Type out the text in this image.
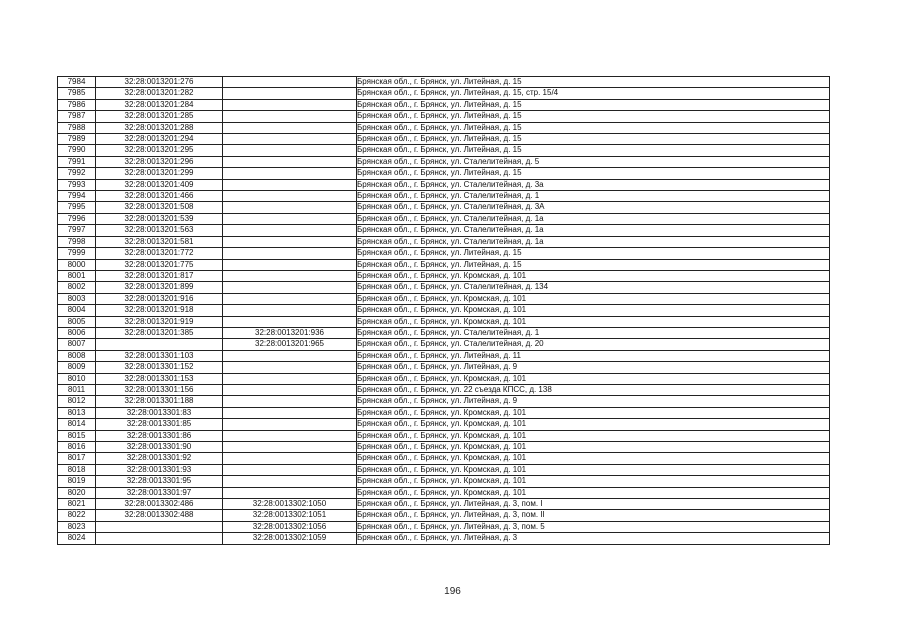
7984	32:28:0013201:276		Брянская обл., г. Брянск, ул. Литейная, д. 15
7985	32:28:0013201:282		Брянская обл., г. Брянск, ул. Литейная, д. 15, стр. 15/4
7986	32:28:0013201:284		Брянская обл., г. Брянск, ул. Литейная, д. 15
7987	32:28:0013201:285		Брянская обл., г. Брянск, ул. Литейная, д. 15
7988	32:28:0013201:288		Брянская обл., г. Брянск, ул. Литейная, д. 15
7989	32:28:0013201:294		Брянская обл., г. Брянск, ул. Литейная, д. 15
7990	32:28:0013201:295		Брянская обл., г. Брянск, ул. Литейная, д. 15
7991	32:28:0013201:296		Брянская обл., г. Брянск, ул. Сталелитейная, д. 5
7992	32:28:0013201:299		Брянская обл., г. Брянск, ул. Литейная, д. 15
7993	32:28:0013201:409		Брянская обл., г. Брянск, ул. Сталелитейная, д. 3а
7994	32:28:0013201:466		Брянская обл., г. Брянск, ул. Сталелитейная, д. 1
7995	32:28:0013201:508		Брянская обл., г. Брянск, ул. Сталелитейная, д. 3А
7996	32:28:0013201:539		Брянская обл., г. Брянск, ул. Сталелитейная, д. 1а
7997	32:28:0013201:563		Брянская обл., г. Брянск, ул. Сталелитейная, д. 1а
7998	32:28:0013201:581		Брянская обл., г. Брянск, ул. Сталелитейная, д. 1а
7999	32:28:0013201:772		Брянская обл., г. Брянск, ул. Литейная, д. 15
8000	32:28:0013201:775		Брянская обл., г. Брянск, ул. Литейная, д. 15
8001	32:28:0013201:817		Брянская обл., г. Брянск, ул. Кромская, д. 101
8002	32:28:0013201:899		Брянская обл., г. Брянск, ул. Сталелитейная, д. 134
8003	32:28:0013201:916		Брянская обл., г. Брянск, ул. Кромская, д. 101
8004	32:28:0013201:918		Брянская обл., г. Брянск, ул. Кромская, д. 101
8005	32:28:0013201:919		Брянская обл., г. Брянск, ул. Кромская, д. 101
8006	32:28:0013201:385	32:28:0013201:936	Брянская обл., г. Брянск, ул. Сталелитейная, д. 1
8007		32:28:0013201:965	Брянская обл., г. Брянск, ул. Сталелитейная, д. 20
8008	32:28:0013301:103		Брянская обл., г. Брянск, ул. Литейная, д. 11
8009	32:28:0013301:152		Брянская обл., г. Брянск, ул. Литейная, д. 9
8010	32:28:0013301:153		Брянская обл., г. Брянск, ул. Кромская, д. 101
8011	32:28:0013301:156		Брянская обл., г. Брянск, ул. 22 съезда КПСС, д. 138
8012	32:28:0013301:188		Брянская обл., г. Брянск, ул. Литейная, д. 9
8013	32:28:0013301:83		Брянская обл., г. Брянск, ул. Кромская, д. 101
8014	32:28:0013301:85		Брянская обл., г. Брянск, ул. Кромская, д. 101
8015	32:28:0013301:86		Брянская обл., г. Брянск, ул. Кромская, д. 101
8016	32:28:0013301:90		Брянская обл., г. Брянск, ул. Кромская, д. 101
8017	32:28:0013301:92		Брянская обл., г. Брянск, ул. Кромская, д. 101
8018	32:28:0013301:93		Брянская обл., г. Брянск, ул. Кромская, д. 101
8019	32:28:0013301:95		Брянская обл., г. Брянск, ул. Кромская, д. 101
8020	32:28:0013301:97		Брянская обл., г. Брянск, ул. Кромская, д. 101
8021	32:28:0013302:486	32:28:0013302:1050	Брянская обл., г. Брянск, ул. Литейная, д. 3, пом. I
8022	32:28:0013302:488	32:28:0013302:1051	Брянская обл., г. Брянск, ул. Литейная, д. 3, пом. II
8023		32:28:0013302:1056	Брянская обл., г. Брянск, ул. Литейная, д. 3, пом. 5
8024		32:28:0013302:1059	Брянская обл., г. Брянск, ул. Литейная, д. 3
196
